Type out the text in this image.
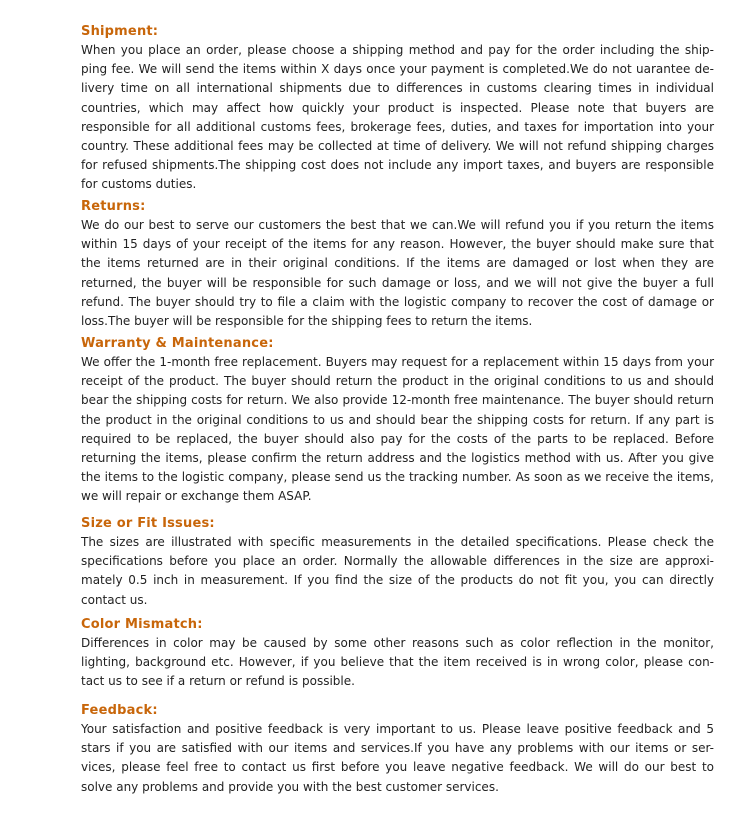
Shipment:

When you place an order, please choose a shipping method and pay for the order including the ship-ping fee. We will send the items within X days once your payment is completed.We do not uarantee de-livery time on all international shipments due to differences in customs clearing times in individual countries, which may affect how quickly your product is inspected. Please note that buyers are responsible for all additional customs fees, brokerage fees, duties, and taxes for importation into your country. These additional fees may be collected at time of delivery. We will not refund shipping charges for refused shipments.The shipping cost does not include any import taxes, and buyers are responsible for customs duties.

Returns:

We do our best to serve our customers the best that we can.We will refund you if you return the items within 15 days of your receipt of the items for any reason. However, the buyer should make sure that the items returned are in their original conditions. If the items are damaged or lost when they are returned, the buyer will be responsible for such damage or loss, and we will not give the buyer a full refund. The buyer should try to file a claim with the logistic company to recover the cost of damage or loss.The buyer will be responsible for the shipping fees to return the items.

Warranty & Maintenance:

We offer the 1-month free replacement. Buyers may request for a replacement within 15 days from your receipt of the product. The buyer should return the product in the original conditions to us and should bear the shipping costs for return. We also provide 12-month free maintenance. The buyer should return the product in the original conditions to us and should bear the shipping costs for return. If any part is required to be replaced, the buyer should also pay for the costs of the parts to be replaced. Before returning the items, please confirm the return address and the logistics method with us. After you give the items to the logistic company, please send us the tracking number. As soon as we receive the items, we will repair or exchange them ASAP.

Size or Fit Issues:

The sizes are illustrated with specific measurements in the detailed specifications. Please check the specifications before you place an order. Normally the allowable differences in the size are approxi-mately 0.5 inch in measurement. If you find the size of the products do not fit you, you can directly contact us.

Color Mismatch:

Differences in color may be caused by some other reasons such as color reflection in the monitor, lighting, background etc. However, if you believe that the item received is in wrong color, please con-tact us to see if a return or refund is possible.

Feedback:

Your satisfaction and positive feedback is very important to us. Please leave positive feedback and 5 stars if you are satisfied with our items and services.If you have any problems with our items or ser-vices, please feel free to contact us first before you leave negative feedback. We will do our best to solve any problems and provide you with the best customer services.
